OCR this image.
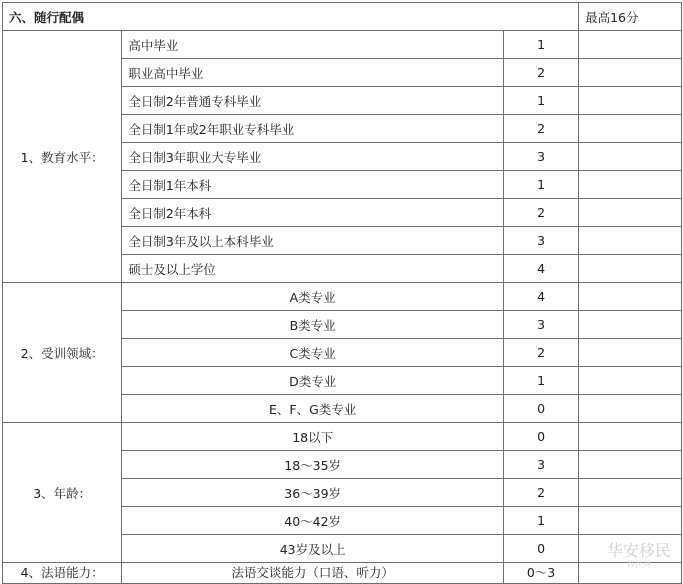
六、随行配偶			最高16分
1、教育水平：	高中毕业	1	
	职业高中毕业	2	
	全日制2年普通专科毕业	1	
	全日制1年或2年职业专科毕业	2	
	全日制3年职业大专毕业	3	
	全日制1年本科	1	
	全日制2年本科	2	
	全日制3年及以上本科毕业	3	
	硕士及以上学位	4	
2、受训领域：	A类专业	4	
	B类专业	3	
	C类专业	2	
	D类专业	1	
	E、F、G类专业	0	
3、年龄：	18以下	0	
	18～35岁	3	
	36～39岁	2	
	40～42岁	1	
	43岁及以上	0	
4、法语能力：	法语交谈能力（口语、听力）	0～3	
华安移民
移民网
